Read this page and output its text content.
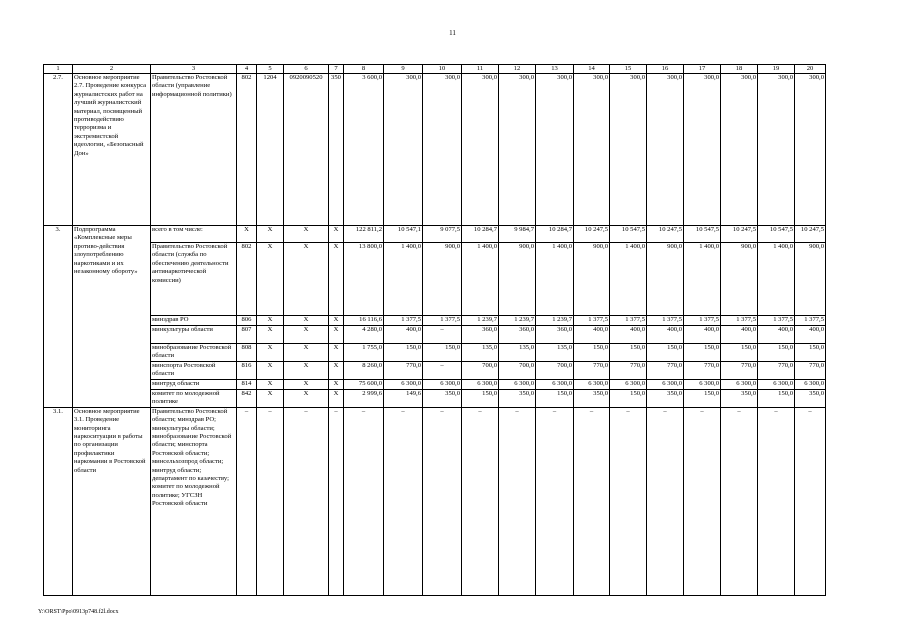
11
1	2	3	4	5	6	7	8	9	10	11	12	13	14	15	16	17	18	19	20
2.7.	Основное мероприятие 2.7. Проведение конкурса журналистских работ на лучший журналистский материал, посвященный противодействию терроризма и экстремистской идеологии, «Безопасный Дон»	Правительство Ростовской области (управление информационной политики)	802	1204	0920090520	350	3 600,0	300,0	300,0	300,0	300,0	300,0	300,0	300,0	300,0	300,0	300,0	300,0	300,0
3.	Подпрограмма «Комплексные меры противо-действия злоупотреблению наркотиками и их незаконному обороту»	всего в том числе:	X	X	X	X	122 811,2	10 547,1	9 077,5	10 284,7	9 984,7	10 284,7	10 247,5	10 547,5	10 247,5	10 547,5	10 247,5	10 547,5	10 247,5
		Правительство Ростовской области (служба по обеспечению деятельности антинаркотической комиссии)	802	X	X	X	13 800,0	1 400,0	900,0	1 400,0	900,0	1 400,0	900,0	1 400,0	900,0	1 400,0	900,0	1 400,0	900,0
		минздрав РО	806	X	X	X	16 116,6	1 377,5	1 377,5	1 239,7	1 239,7	1 239,7	1 377,5	1 377,5	1 377,5	1 377,5	1 377,5	1 377,5	1 377,5
		минкультуры области	807	X	X	X	4 280,0	400,0	–	360,0	360,0	360,0	400,0	400,0	400,0	400,0	400,0	400,0	400,0
		минобразование Ростовской области	808	X	X	X	1 755,0	150,0	150,0	135,0	135,0	135,0	150,0	150,0	150,0	150,0	150,0	150,0	150,0
		минспорта Ростовской области	816	X	X	X	8 260,0	770,0	–	700,0	700,0	700,0	770,0	770,0	770,0	770,0	770,0	770,0	770,0
		минтруд области	814	X	X	X	75 600,0	6 300,0	6 300,0	6 300,0	6 300,0	6 300,0	6 300,0	6 300,0	6 300,0	6 300,0	6 300,0	6 300,0	6 300,0
		комитет по молодежной политике	842	X	X	X	2 999,6	149,6	350,0	150,0	350,0	150,0	350,0	150,0	350,0	150,0	350,0	150,0	350,0
3.1.	Основное мероприятие 3.1. Проведение мониторинга наркоситуации в работы по организации профилактики наркомании в Ростовской области	Правительство Ростовской области; минздрав РО; минкультуры области; минобразование Ростовской области; минспорта Ростовской области; минсельхозпрод области; минтруд области; департамент по казачеству; комитет по молодежной политике; УГСЗН Ростовской области	–	–	–	–	–	–	–	–	–	–	–	–	–	–	–	–	–
Y:\ORST\Ppo\0913p748.f2l.docx
